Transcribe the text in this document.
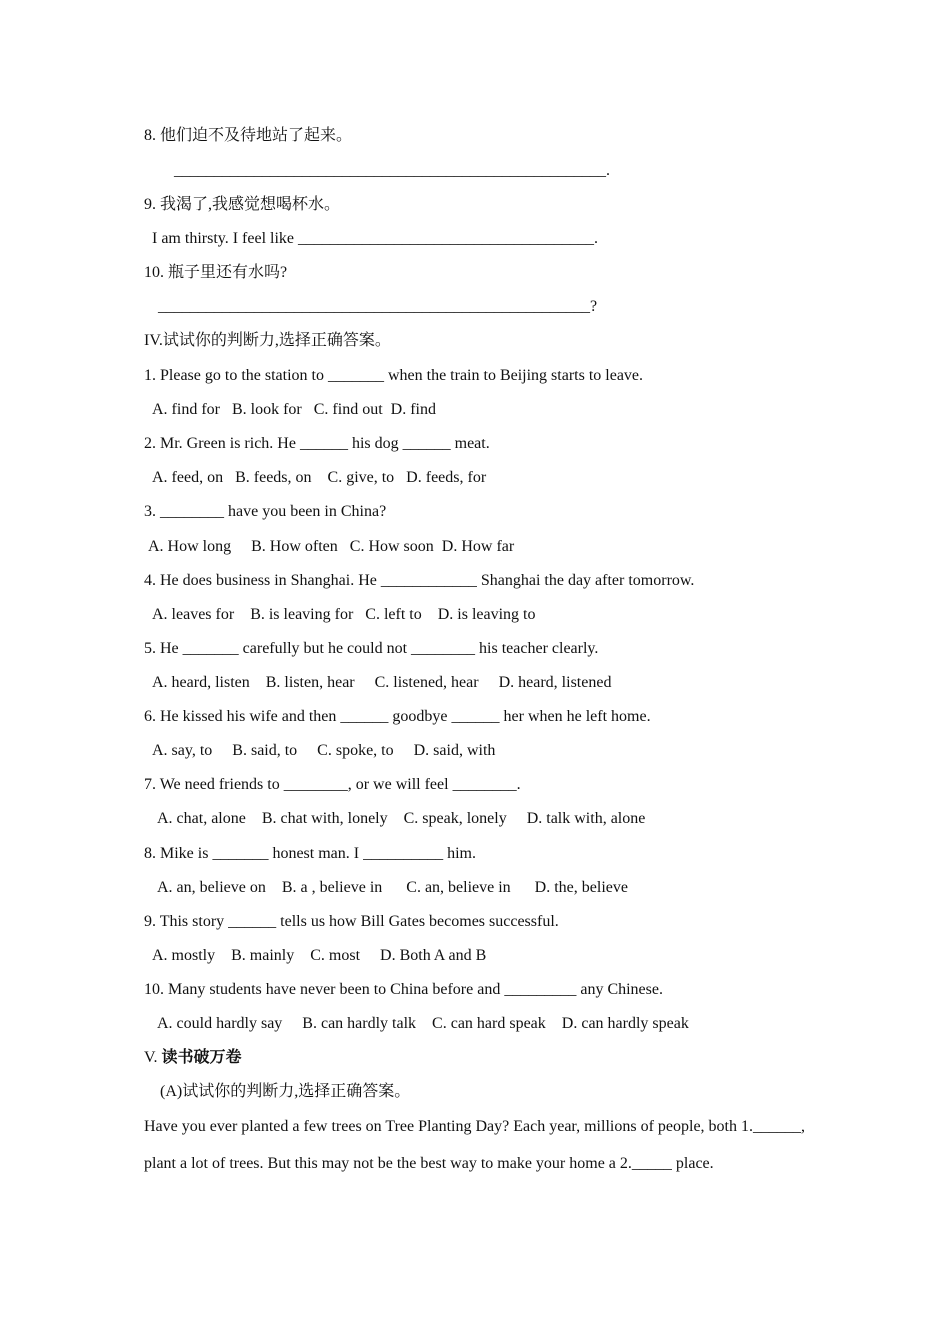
8. 他们迫不及待地站了起来。
______________________________________________________.
9. 我渴了,我感觉想喝杯水。
I am thirsty. I feel like _____________________________________.
10. 瓶子里还有水吗?
______________________________________________________?
IV.试试你的判断力,选择正确答案。
1. Please go to the station to _______ when the train to Beijing starts to leave.
A. find for   B. look for   C. find out  D. find
2. Mr. Green is rich. He ______ his dog ______ meat.
A. feed, on   B. feeds, on    C. give, to   D. feeds, for
3. ________ have you been in China?
A. How long     B. How often   C. How soon  D. How far
4. He does business in Shanghai. He ____________ Shanghai the day after tomorrow.
A. leaves for    B. is leaving for   C. left to    D. is leaving to
5. He _______ carefully but he could not ________ his teacher clearly.
A. heard, listen    B. listen, hear     C. listened, hear     D. heard, listened
6. He kissed his wife and then ______ goodbye ______ her when he left home.
A. say, to     B. said, to     C. spoke, to     D. said, with
7. We need friends to ________, or we will feel ________.
A. chat, alone    B. chat with, lonely    C. speak, lonely     D. talk with, alone
8. Mike is _______ honest man. I __________ him.
A. an, believe on    B. a , believe in      C. an, believe in      D. the, believe
9. This story ______ tells us how Bill Gates becomes successful.
A. mostly    B. mainly    C. most     D. Both A and B
10. Many students have never been to China before and _________ any Chinese.
A. could hardly say     B. can hardly talk    C. can hard speak    D. can hardly speak
V. 读书破万卷
(A)试试你的判断力,选择正确答案。
Have you ever planted a few trees on Tree Planting Day? Each year, millions of people, both 1.______, plant a lot of trees. But this may not be the best way to make your home a 2._____ place.
